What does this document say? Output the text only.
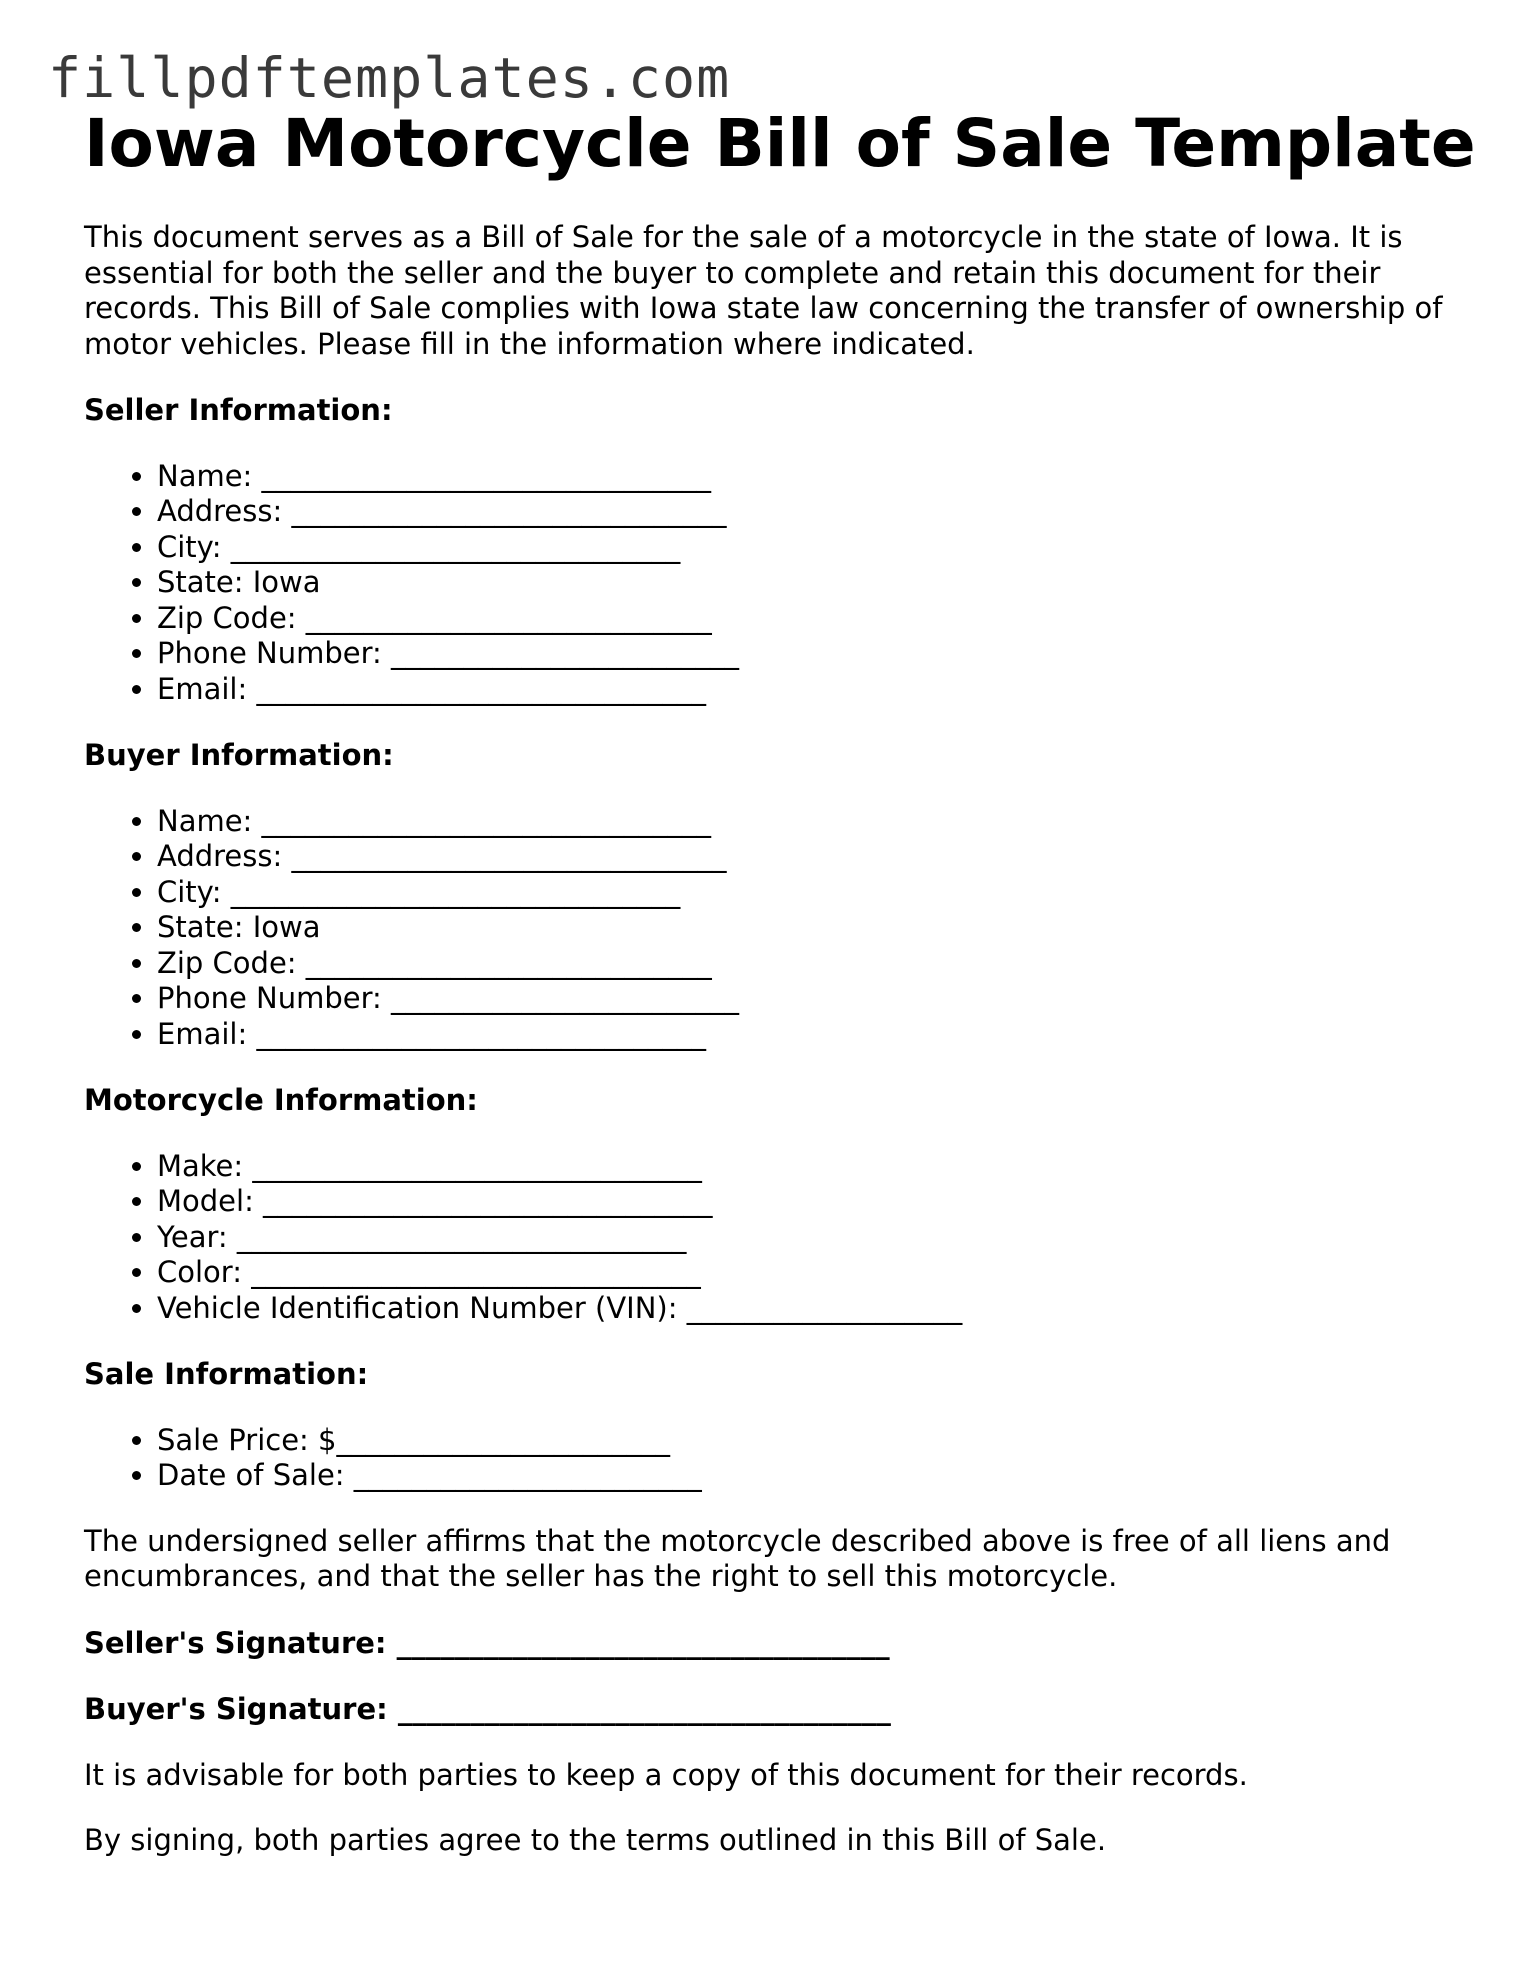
fillpdftemplates.com
Iowa Motorcycle Bill of Sale Template

This document serves as a Bill of Sale for the sale of a motorcycle in the state of Iowa. It is essential for both the seller and the buyer to complete and retain this document for their records. This Bill of Sale complies with Iowa state law concerning the transfer of ownership of motor vehicles. Please fill in the information where indicated.

Seller Information:

• Name: _______________________________
• Address: ______________________________
• City: _______________________________
• State: Iowa
• Zip Code: ____________________________
• Phone Number: ________________________
• Email: _______________________________

Buyer Information:

• Name: _______________________________
• Address: ______________________________
• City: _______________________________
• State: Iowa
• Zip Code: ____________________________
• Phone Number: ________________________
• Email: _______________________________

Motorcycle Information:

• Make: _______________________________
• Model: _______________________________
• Year: _______________________________
• Color: _______________________________
• Vehicle Identification Number (VIN): ___________________

Sale Information:

• Sale Price: $_______________________
• Date of Sale: ________________________

The undersigned seller affirms that the motorcycle described above is free of all liens and encumbrances, and that the seller has the right to sell this motorcycle.

Seller's Signature: __________________________________

Buyer's Signature: __________________________________

It is advisable for both parties to keep a copy of this document for their records.

By signing, both parties agree to the terms outlined in this Bill of Sale.
